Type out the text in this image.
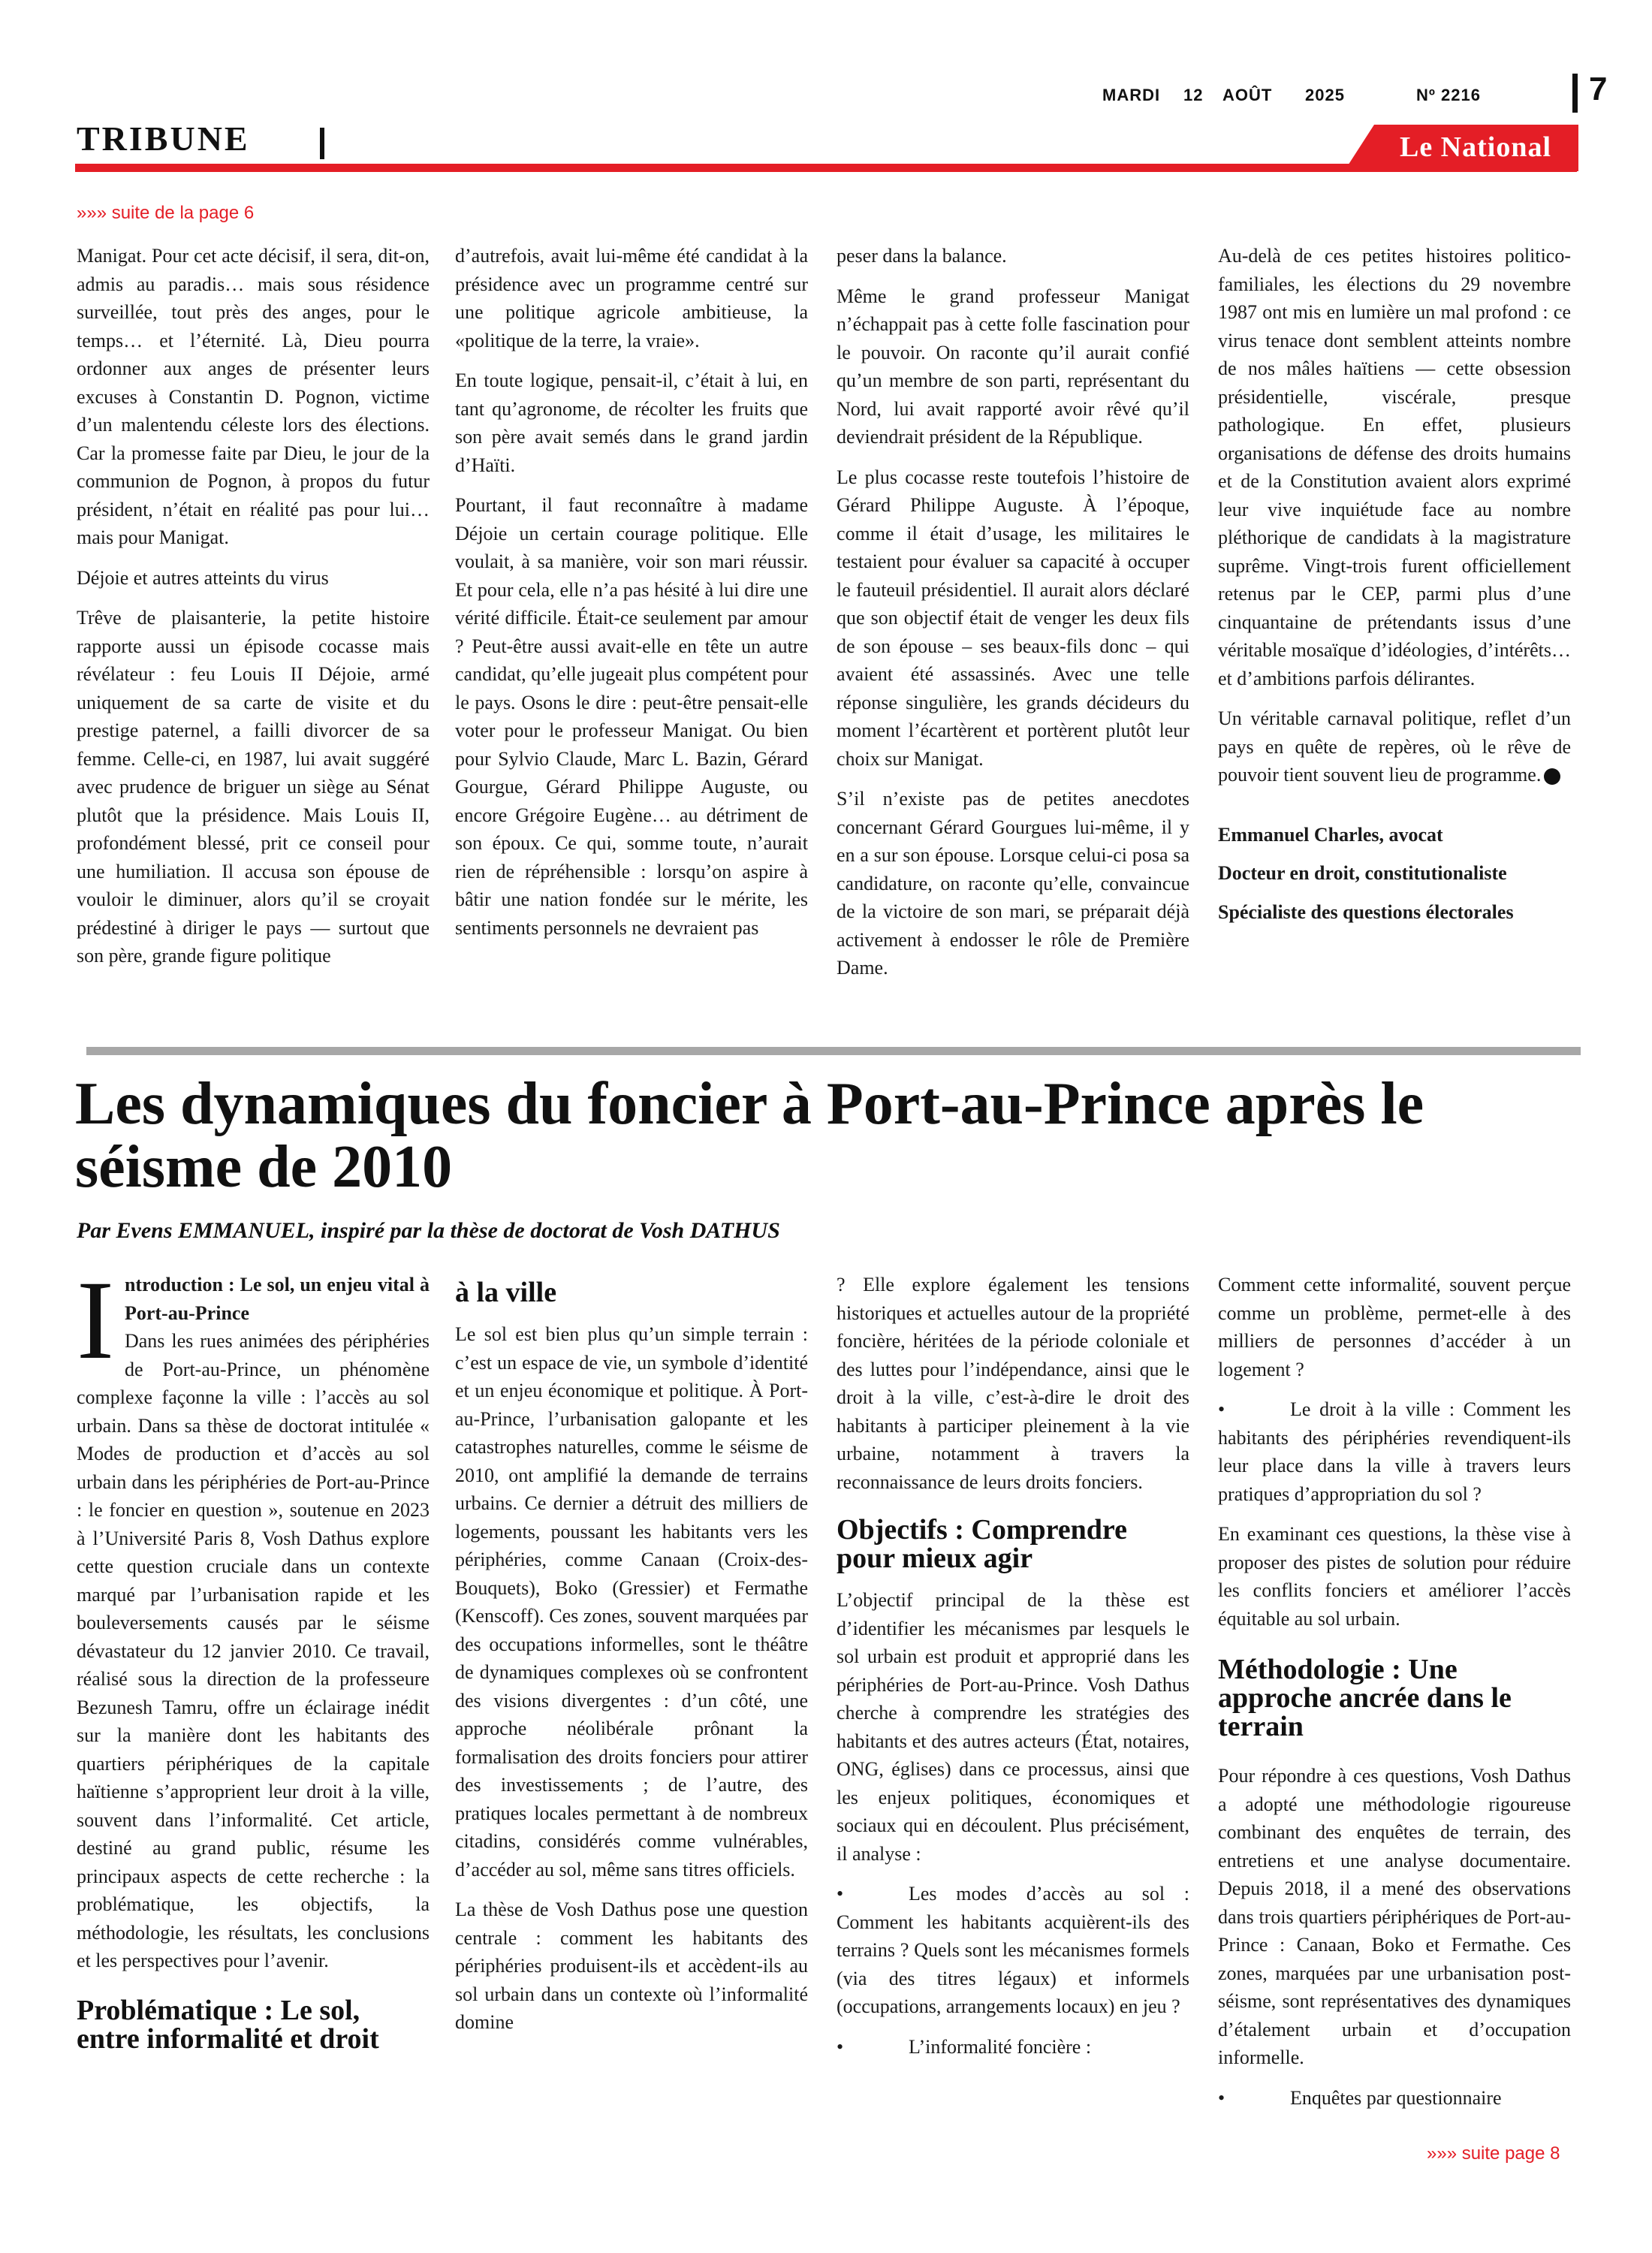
MARDI 12 AOÛT 2025	Nº 2216	7
TRIBUNE	Le National
»»» suite de la page 6

Manigat. Pour cet acte décisif, il sera, dit-on, admis au paradis… mais sous résidence surveillée, tout près des anges, pour le temps… et l’éternité. Là, Dieu pourra ordonner aux anges de présenter leurs excuses à Constantin D. Pognon, victime d’un malentendu céleste lors des élections. Car la promesse faite par Dieu, le jour de la communion de Pognon, à propos du futur président, n’était en réalité pas pour lui… mais pour Manigat.

Déjoie et autres atteints du virus

Trêve de plaisanterie, la petite histoire rapporte aussi un épisode cocasse mais révélateur : feu Louis II Déjoie, armé uniquement de sa carte de visite et du prestige paternel, a failli divorcer de sa femme. Celle-ci, en 1987, lui avait suggéré avec prudence de briguer un siège au Sénat plutôt que la présidence. Mais Louis II, profondément blessé, prit ce conseil pour une humiliation. Il accusa son épouse de vouloir le diminuer, alors qu’il se croyait prédestiné à diriger le pays — surtout que son père, grande figure politique

d’autrefois, avait lui-même été candidat à la présidence avec un programme centré sur une politique agricole ambitieuse, la «politique de la terre, la vraie».

En toute logique, pensait-il, c’était à lui, en tant qu’agronome, de récolter les fruits que son père avait semés dans le grand jardin d’Haïti.

Pourtant, il faut reconnaître à madame Déjoie un certain courage politique. Elle voulait, à sa manière, voir son mari réussir. Et pour cela, elle n’a pas hésité à lui dire une vérité difficile. Était-ce seulement par amour ? Peut-être aussi avait-elle en tête un autre candidat, qu’elle jugeait plus compétent pour le pays. Osons le dire : peut-être pensait-elle voter pour le professeur Manigat. Ou bien pour Sylvio Claude, Marc L. Bazin, Gérard Gourgue, Gérard Philippe Auguste, ou encore Grégoire Eugène… au détriment de son époux. Ce qui, somme toute, n’aurait rien de répréhensible : lorsqu’on aspire à bâtir une nation fondée sur le mérite, les sentiments personnels ne devraient pas

peser dans la balance.

Même le grand professeur Manigat n’échappait pas à cette folle fascination pour le pouvoir. On raconte qu’il aurait confié qu’un membre de son parti, représentant du Nord, lui avait rapporté avoir rêvé qu’il deviendrait président de la République.

Le plus cocasse reste toutefois l’histoire de Gérard Philippe Auguste. À l’époque, comme il était d’usage, les militaires le testaient pour évaluer sa capacité à occuper le fauteuil présidentiel. Il aurait alors déclaré que son objectif était de venger les deux fils de son épouse – ses beaux-fils donc – qui avaient été assassinés. Avec une telle réponse singulière, les grands décideurs du moment l’écartèrent et portèrent plutôt leur choix sur Manigat.

S’il n’existe pas de petites anecdotes concernant Gérard Gourgues lui-même, il y en a sur son épouse. Lorsque celui-ci posa sa candidature, on raconte qu’elle, convaincue de la victoire de son mari, se préparait déjà activement à endosser le rôle de Première Dame.

Au-delà de ces petites histoires politico-familiales, les élections du 29 novembre 1987 ont mis en lumière un mal profond : ce virus tenace dont semblent atteints nombre de nos mâles haïtiens — cette obsession présidentielle, viscérale, presque pathologique. En effet, plusieurs organisations de défense des droits humains et de la Constitution avaient alors exprimé leur vive inquiétude face au nombre pléthorique de candidats à la magistrature suprême. Vingt-trois furent officiellement retenus par le CEP, parmi plus d’une cinquantaine de prétendants issus d’une véritable mosaïque d’idéologies, d’intérêts… et d’ambitions parfois délirantes.

Un véritable carnaval politique, reflet d’un pays en quête de repères, où le rêve de pouvoir tient souvent lieu de programme.

Emmanuel Charles, avocat

Docteur en droit, constitutionaliste

Spécialiste des questions électorales

Les dynamiques du foncier à Port-au-Prince après le séisme de 2010
Par Evens EMMANUEL, inspiré par la thèse de doctorat de Vosh DATHUS

Introduction : Le sol, un enjeu vital à Port-au-Prince
Dans les rues animées des périphéries de Port-au-Prince, un phénomène complexe façonne la ville : l’accès au sol urbain. Dans sa thèse de doctorat intitulée « Modes de production et d’accès au sol urbain dans les périphéries de Port-au-Prince : le foncier en question », soutenue en 2023 à l’Université Paris 8, Vosh Dathus explore cette question cruciale dans un contexte marqué par l’urbanisation rapide et les bouleversements causés par le séisme dévastateur du 12 janvier 2010. Ce travail, réalisé sous la direction de la professeure Bezunesh Tamru, offre un éclairage inédit sur la manière dont les habitants des quartiers périphériques de la capitale haïtienne s’approprient leur droit à la ville, souvent dans l’informalité. Cet article, destiné au grand public, résume les principaux aspects de cette recherche : la problématique, les objectifs, la méthodologie, les résultats, les conclusions et les perspectives pour l’avenir.

Problématique : Le sol, entre informalité et droit
à la ville

Le sol est bien plus qu’un simple terrain : c’est un espace de vie, un symbole d’identité et un enjeu économique et politique. À Port-au-Prince, l’urbanisation galopante et les catastrophes naturelles, comme le séisme de 2010, ont amplifié la demande de terrains urbains. Ce dernier a détruit des milliers de logements, poussant les habitants vers les périphéries, comme Canaan (Croix-des-Bouquets), Boko (Gressier) et Fermathe (Kenscoff). Ces zones, souvent marquées par des occupations informelles, sont le théâtre de dynamiques complexes où se confrontent des visions divergentes : d’un côté, une approche néolibérale prônant la formalisation des droits fonciers pour attirer des investissements ; de l’autre, des pratiques locales permettant à de nombreux citadins, considérés comme vulnérables, d’accéder au sol, même sans titres officiels.

La thèse de Vosh Dathus pose une question centrale : comment les habitants des périphéries produisent-ils et accèdent-ils au sol urbain dans un contexte où l’informalité domine

? Elle explore également les tensions historiques et actuelles autour de la propriété foncière, héritées de la période coloniale et des luttes pour l’indépendance, ainsi que le droit à la ville, c’est-à-dire le droit des habitants à participer pleinement à la vie urbaine, notamment à travers la reconnaissance de leurs droits fonciers.

Objectifs : Comprendre pour mieux agir

L’objectif principal de la thèse est d’identifier les mécanismes par lesquels le sol urbain est produit et approprié dans les périphéries de Port-au-Prince. Vosh Dathus cherche à comprendre les stratégies des habitants et des autres acteurs (État, notaires, ONG, églises) dans ce processus, ainsi que les enjeux politiques, économiques et sociaux qui en découlent. Plus précisément, il analyse :

• Les modes d’accès au sol : Comment les habitants acquièrent-ils des terrains ? Quels sont les mécanismes formels (via des titres légaux) et informels (occupations, arrangements locaux) en jeu ?

• L’informalité foncière :

Comment cette informalité, souvent perçue comme un problème, permet-elle à des milliers de personnes d’accéder à un logement ?

• Le droit à la ville : Comment les habitants des périphéries revendiquent-ils leur place dans la ville à travers leurs pratiques d’appropriation du sol ?

En examinant ces questions, la thèse vise à proposer des pistes de solution pour réduire les conflits fonciers et améliorer l’accès équitable au sol urbain.

Méthodologie : Une approche ancrée dans le terrain

Pour répondre à ces questions, Vosh Dathus a adopté une méthodologie rigoureuse combinant des enquêtes de terrain, des entretiens et une analyse documentaire. Depuis 2018, il a mené des observations dans trois quartiers périphériques de Port-au-Prince : Canaan, Boko et Fermathe. Ces zones, marquées par une urbanisation post-séisme, sont représentatives des dynamiques d’étalement urbain et d’occupation informelle.

• Enquêtes par questionnaire

»»» suite page 8
